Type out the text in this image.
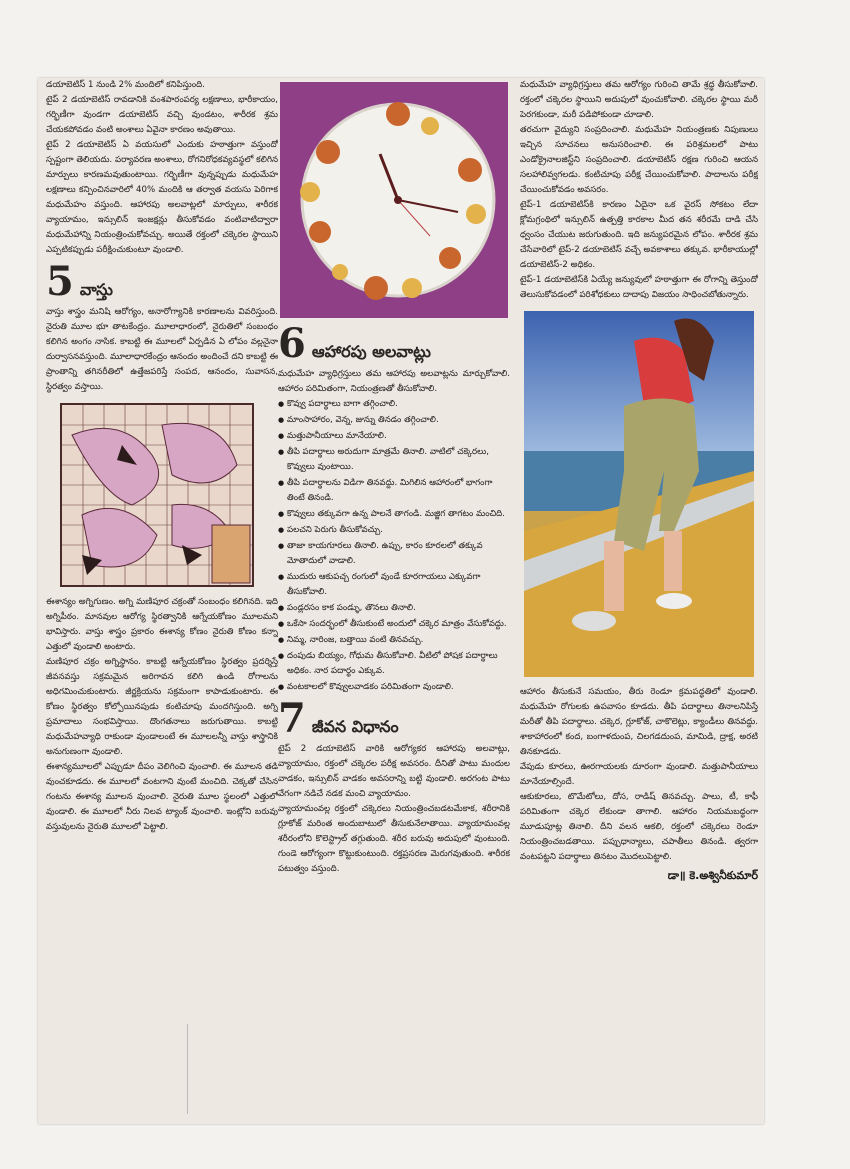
డయాబెటిస్ 1 నుండి 2% మందిలో కనిపిస్తుంది.

టైప్ 2 డయాబెటిస్ రావడానికి వంశపారంపర్య లక్షణాలు, భారీకాయం, గర్భిణీగా వుండగా డయాబెటిస్ వచ్చి వుండటం, శారీరక శ్రమ చేయకపోవడం వంటి అంశాలు ఏవైనా కారణం అవుతాయి.

టైప్ 2 డయాబెటిస్ ఏ వయసులో ఎందుకు హఠాత్తుగా వస్తుందో స్పష్టంగా తెలియదు. పర్యావరణ అంశాలు, రోగనిరోధకవ్యవస్థలో కలిగిన మార్పులు కారణమవుతుంటాయి. గర్భిణీగా వున్నప్పుడు మధుమేహ లక్షణాలు కన్పించినవారిలో 40% మందికి ఆ తర్వాత వయసు పెరిగాక మధుమేహం వస్తుంది. ఆహారపు అలవాట్లలో మార్పులు, శారీరక వ్యాయామం, ఇన్సులిన్ ఇంజక్షన్లు తీసుకోవడం వంటివాటిద్వారా మధుమేహాన్ని నియంత్రించుకోవచ్చు. అయితే రక్తంలో చక్కెరల స్థాయిని ఎప్పటికప్పుడు పరీక్షించుకుంటూ వుండాలి.

5 వాస్తు

వాస్తు శాస్త్రం మనిషి ఆరోగ్యం, అనారోగ్యానికి కారణాలను వివరిస్తుంది. నైరుతి మూల భూ తాటకేంద్రం. మూలాధారంలో, నైరుతిలో సంబంధం కలిగిన అంగం నాసిక. కాబట్టి ఈ మూలలో ఏర్పడిన ఏ లోపం వల్లనైనా దుర్వాసనవస్తుంది. మూలాధారకేంద్రం ఆనందం అందించే దని కాబట్టి ఈ ప్రాంతాన్ని తగినరీతిలో ఉత్తేజపరిస్తే సంపద, ఆనందం, సువాసన, స్థిరత్వం వస్తాయి.

ఈశాన్యం అగ్నిగుణం. అగ్ని మణిపూర చక్రంతో సంబంధం కలిగినది. ఇది అగ్నిపీఠం. మానవుల ఆరోగ్య స్థిరత్వానికి ఆగ్నేయకోణం మూలమని భావిస్తారు. వాస్తు శాస్త్రం ప్రకారం ఈశాన్య కోణం నైరుతి కోణం కన్నా ఎత్తులో వుండాలి అంటారు.

మణిపూర చక్రం అగ్నిస్థానం. కాబట్టి ఆగ్నేయకోణం స్థిరత్వం ప్రదర్శిస్తే జీవనవస్తు సక్రమమైన అరిగావన కలిగి ఉండి రోగాలను అధిగమించుకుంటారు. జీర్ణక్రియను సక్రమంగా కాపాడుకుంటారు. ఈ కోణం స్థిరత్వం కోల్పోయినపుడు కంటిచూపు మందగిస్తుంది. అగ్ని ప్రమాదాలు సంభవిస్తాయి. దొంగతనాలు జరుగుతాయి. కాబట్టి మధుమేహవ్యాధి రాకుండా వుండాలంటే ఈ మూలలన్నీ వాస్తు శాస్త్రానికి అనుగుణంగా వుండాలి.

ఈశాన్యమూలలో ఎప్పుడూ దీపం వెలిగించి వుంచాలి. ఈ మూలన తడి వుంచకూడదు. ఈ మూలలో వంటగాని వుంటే మంచిది. చెక్కతో చేసిన గంటను ఈశాన్య మూలన వుంచాలి. నైరుతి మూల స్థలంలో ఎత్తులో వుండాలి. ఈ మూలలో నీరు నిలవ ట్యాంక్ వుంచాలి. ఇంట్లోని బరువు వస్తువులను నైరుతి మూలలో పెట్టాలి.

6 ఆహారపు అలవాట్లు

మధుమేహ వ్యాధిగ్రస్తులు తమ ఆహారపు అలవాట్లను మార్చుకోవాలి. ఆహారం పరిమితంగా, నియంత్రణతో తీసుకోవాలి.

● కొవ్వు పదార్థాలు బాగా తగ్గించాలి.
● మాంసాహారం, వెన్న, జున్ను తినడం తగ్గించాలి.
● మత్తుపానీయాలు మానేయాలి.
● తీపి పదార్థాలు అరుదుగా మాత్రమే తినాలి. వాటిలో చక్కెరలు, కొవ్వులు వుంటాయి.
● తీపి పదార్థాలను విడిగా తినవద్దు. మిగిలిన ఆహారంలో భాగంగా తింటే తినండి.
● కొవ్వులు తక్కువగా ఉన్న పాలనే తాగండి. మజ్జిగ తాగటం మంచిది.
● పలచని పెరుగు తీసుకోవచ్చు.
● తాజా కాయగూరలు తినాలి. ఉప్పు, కారం కూరలలో తక్కువ మోతాదులో వాడాలి.
● ముదురు ఆకుపచ్చ రంగులో వుండే కూరగాయలు ఎక్కువగా తీసుకోవాలి.
● పండ్లరసం కాక పండ్ళు, తొనలు తినాలి.
● ఒకేసా సందర్భంలో తీసుకుంటే అందులో చక్కెర మాత్రం వేసుకోవద్దు.
● నిమ్మ, నారింజ, బత్తాయి వంటి తినవచ్చు.
● దంపుడు బియ్యం, గోధుమ తీసుకోవాలి. వీటిలో పోషక పదార్థాలు అధికం. నార పదార్థం ఎక్కువ.
● వంటకాలలో కొవ్వులవాడకం పరిమితంగా వుండాలి.
7 జీవన విధానం

టైప్ 2 డయాబెటిస్ వారికి ఆరోగ్యకర ఆహారపు అలవాట్లు, వ్యాయామం, రక్తంలో చక్కెరల పరీక్ష అవసరం. దీనితో పాటు మందుల వాడకం, ఇన్సులిన్ వాడకం అవసరాన్ని బట్టి వుండాలి. అరగంట పాటు వేగంగా నడిచే నడక మంచి వ్యాయామం.

వ్యాయామంవల్ల రక్తంలో చక్కెరలు నియంత్రించబడటమేకాక, శరీరానికి గ్లూకోజ్ మరింత అందుబాటులో తీసుకునేలాతాయి. వ్యాయామంవల్ల శరీరంలోని కొలెస్ట్రాల్ తగ్గుతుంది. శరీర బరువు అదుపులో వుంటుంది. గుండె ఆరోగ్యంగా కొట్టుకుంటుంది. రక్తప్రసరణ మెరుగవుతుంది. శారీరక పటుత్వం వస్తుంది.

మధుమేహ వ్యాధిగ్రస్తులు తమ ఆరోగ్యం గురించి తామే శ్రద్ధ తీసుకోవాలి. రక్తంలో చక్కెరల స్థాయిని అదుపులో వుంచుకోవాలి. చక్కెరల స్థాయి మరీ పెరగకుండా, మరీ పడిపోకుండా చూడాలి.

తరచుగా వైద్యుని సంప్రదించాలి. మధుమేహ నియంత్రణకు నిపుణులు ఇచ్చిన సూచనలు అనుసరించాలి. ఈ పరిశ్రమలలో పాటు ఎండోక్రైనాలజిస్ట్‌ని సంప్రదించాలి. డయాబెటిస్ రక్షణ గురించి ఆయన సలహాలివ్వగలడు. కంటిచూపు పరీక్ష చేయించుకోవాలి. పాదాలను పరీక్ష చేయించుకోవడం అవసరం.

టైప్-1 డయాబెటిస్‌కి కారణం ఏదైనా ఒక వైరస్ సోకటం లేదా క్లోమగ్రంథిలో ఇన్సులిన్ ఉత్పత్తి కారకాల మీద తన శరీరమే దాడి చేసి ధ్వంసం చేయుట జరుగుతుంది. ఇది జన్యుపరమైన లోపం. శారీరక శ్రమ చేసేవారిలో టైప్-2 డయాబెటిస్ వచ్చే అవకాశాలు తక్కువ. భారీకాయుల్లో డయాబెటిస్-2 అధికం.

టైప్-1 డయాబెటిస్‌కి ఏయ్యే జన్యువులో హఠాత్తుగా ఈ రోగాన్ని తెస్తుందో తెలుసుకోవడంలో పరిశోధకులు దాదాపు విజయం సాధించబోతున్నారు.

ఆహారం తీసుకునే సమయం, తీరు రెండూ క్రమపద్ధతిలో వుండాలి. మధుమేహ రోగులకు ఉపవాసం కూడదు. తీపి పదార్థాలు తినాలనిపిస్తే మరీతో తీపి పదార్థాలు. చక్కెర, గ్లూకోజ్, చాకొలెట్లు, క్యాండీలు తినవద్దు. శాకాహారంలో కంద, బంగాళదుంప, చిలగడదుంప, మామిడి, ద్రాక్ష, అరటి తినకూడదు.

వేపుడు కూరలు, ఊరగాయలకు దూరంగా వుండాలి. మత్తుపానీయాలు మానేయాల్సిందే.

ఆకుకూరలు, టొమేటోలు, దోస, రాడిష్ తినవచ్చు. పాలు, టీ, కాఫీ పరిమితంగా చక్కెర లేకుండా తాగాలి. ఆహారం నియమబద్ధంగా మూడుపూట్ల తినాలి. దీని వలన ఆకలి, రక్తంలో చక్కెరలు రెండూ నియంత్రించబడతాయి. పప్పుధాన్యాలు, చపాతీలు తినండి. త్వరగా వంటపట్టని పదార్థాలు తినటం మొదలుపెట్టాలి.

డా॥ కె.అశ్వినీకుమార్
